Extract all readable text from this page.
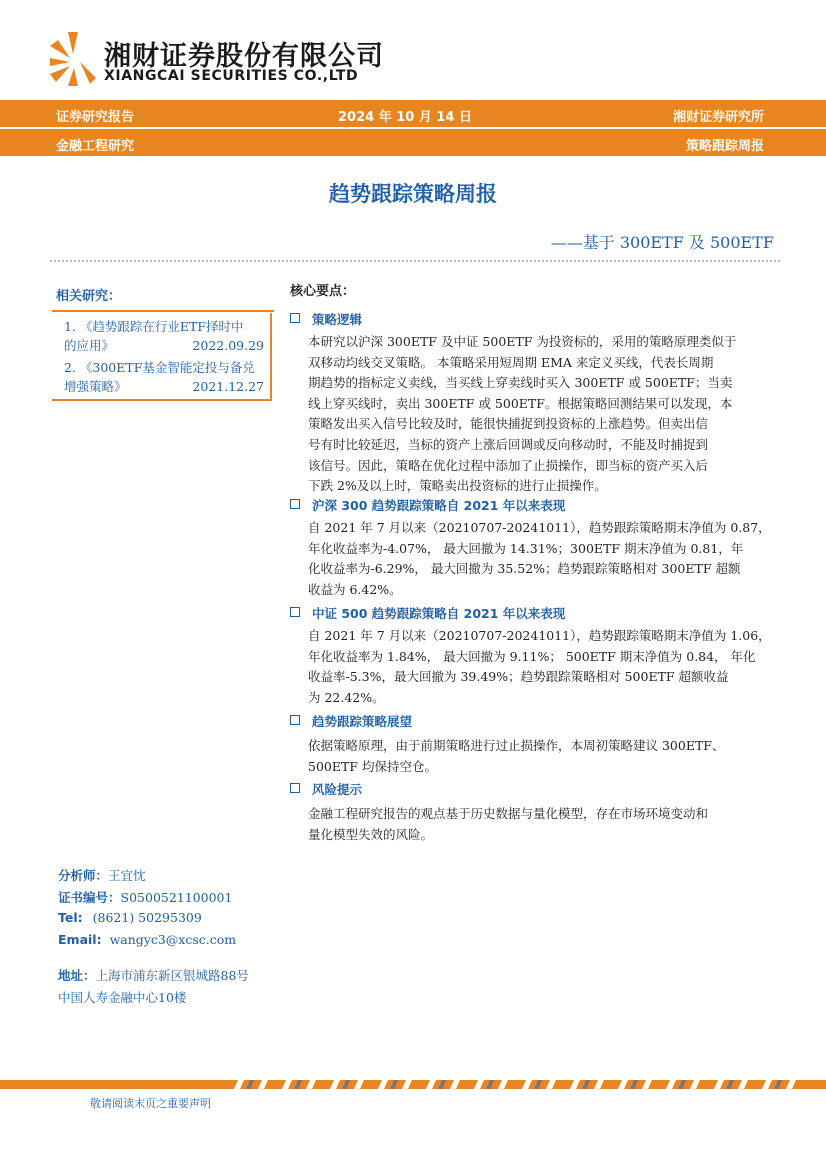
湘财证券股份有限公司
XIANGCAI SECURITIES CO.,LTD
证券研究报告	2024 年 10 月 14 日	湘财证券研究所
金融工程研究	策略跟踪周报
趋势跟踪策略周报
——基于 300ETF 及 500ETF
相关研究：
1. 《趋势跟踪在行业ETF择时中
的应用》	2022.09.29
2. 《300ETF基金智能定投与备兑
增强策略》	2021.12.27
分析师：王宜忱
证书编号：S0500521100001
Tel: (8621) 50295309
Email: wangyc3@xcsc.com
地址：上海市浦东新区银城路88号
中国人寿金融中心10楼
核心要点：
策略逻辑
本研究以沪深 300ETF 及中证 500ETF 为投资标的，采用的策略原理类似于
双移动均线交叉策略。 本策略采用短周期 EMA 来定义买线，代表长周期
期趋势的指标定义卖线，当买线上穿卖线时买入 300ETF 或 500ETF；当卖
线上穿买线时，卖出 300ETF 或 500ETF。根据策略回测结果可以发现，本
策略发出买入信号比较及时，能很快捕捉到投资标的上涨趋势。但卖出信
号有时比较延迟，当标的资产上涨后回调或反向移动时，不能及时捕捉到
该信号。因此，策略在优化过程中添加了止损操作，即当标的资产买入后
下跌 2%及以上时，策略卖出投资标的进行止损操作。
沪深 300 趋势跟踪策略自 2021 年以来表现
自 2021 年 7 月以来（20210707-20241011），趋势跟踪策略期末净值为 0.87，
年化收益率为-4.07%， 最大回撤为 14.31%；300ETF 期末净值为 0.81，年
化收益率为-6.29%， 最大回撤为 35.52%；趋势跟踪策略相对 300ETF 超额
收益为 6.42%。
中证 500 趋势跟踪策略自 2021 年以来表现
自 2021 年 7 月以来（20210707-20241011），趋势跟踪策略期末净值为 1.06，
年化收益率为 1.84%， 最大回撤为 9.11%； 500ETF 期末净值为 0.84， 年化
收益率-5.3%，最大回撤为 39.49%；趋势跟踪策略相对 500ETF 超额收益
为 22.42%。
趋势跟踪策略展望
依据策略原理，由于前期策略进行过止损操作，本周初策略建议 300ETF、
500ETF 均保持空仓。
风险提示
金融工程研究报告的观点基于历史数据与量化模型，存在市场环境变动和
量化模型失效的风险。
敬请阅读末页之重要声明
